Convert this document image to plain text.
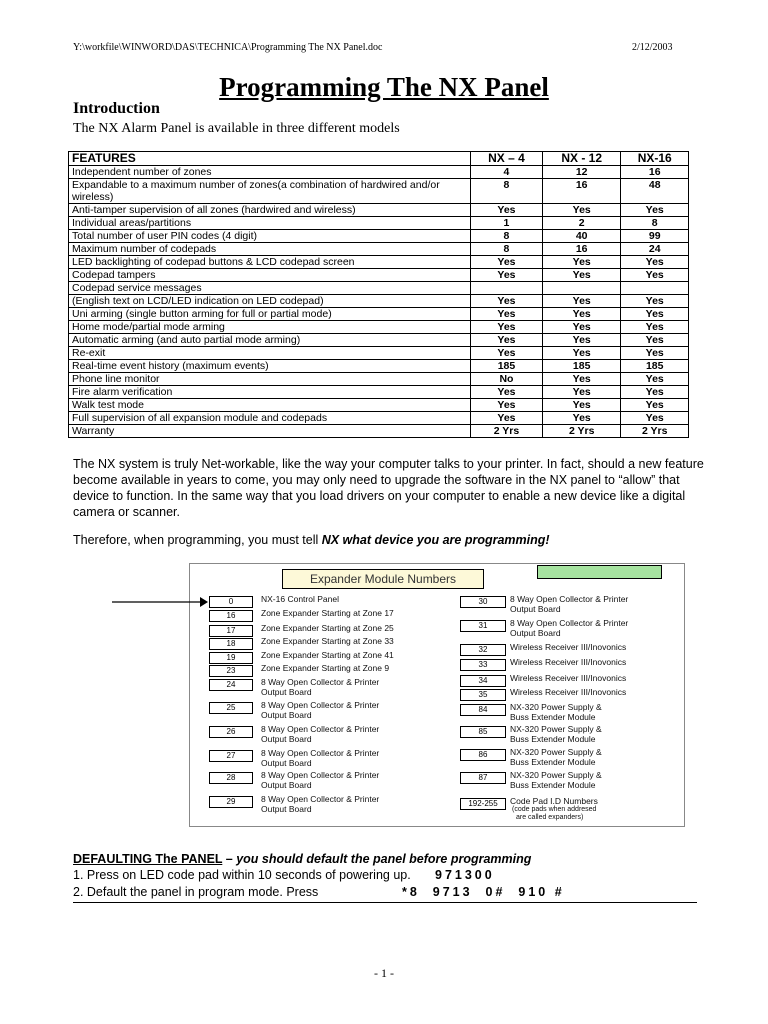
Y:\workfile\WINWORD\DAS\TECHNICA\Programming The NX Panel.doc	2/12/2003
Programming The NX Panel
Introduction
The NX Alarm Panel is available in three different models
FEATURES	NX – 4	NX - 12	NX-16
Independent number of zones	4	12	16
Expandable to a maximum number of zones(a combination of hardwired and/or wireless)	8	16	48
Anti-tamper supervision of all zones (hardwired and wireless)	Yes	Yes	Yes
Individual areas/partitions	1	2	8
Total number of user PIN codes (4 digit)	8	40	99
Maximum number of codepads	8	16	24
LED backlighting of codepad buttons & LCD codepad screen	Yes	Yes	Yes
Codepad tampers	Yes	Yes	Yes
Codepad service messages			
(English text on LCD/LED indication on LED codepad)	Yes	Yes	Yes
Uni arming (single button arming for full or partial mode)	Yes	Yes	Yes
Home mode/partial mode arming	Yes	Yes	Yes
Automatic arming (and auto partial mode arming)	Yes	Yes	Yes
Re-exit	Yes	Yes	Yes
Real-time event history (maximum events)	185	185	185
Phone line monitor	No	Yes	Yes
Fire alarm verification	Yes	Yes	Yes
Walk test mode	Yes	Yes	Yes
Full supervision of all expansion module and codepads	Yes	Yes	Yes
Warranty	2 Yrs	2 Yrs	2 Yrs
The NX system is truly Net-workable, like the way your computer talks to your printer. In fact, should a new feature become available in years to come, you may only need to upgrade the software in the NX panel to “allow” that device to function. In the same way that you load drivers on your computer to enable a new device like a digital camera or scanner.
Therefore, when programming, you must tell NX what device you are programming!
Expander Module Numbers
0	NX-16 Control Panel
16	Zone Expander Starting at Zone 17
17	Zone Expander Starting at Zone 25
18	Zone Expander Starting at Zone 33
19	Zone Expander Starting at Zone 41
23	Zone Expander Starting at Zone 9
24	8 Way Open Collector & Printer
Output Board
25	8 Way Open Collector & Printer
Output Board
26	8 Way Open Collector & Printer
Output Board
27	8 Way Open Collector & Printer
Output Board
28	8 Way Open Collector & Printer
Output Board
29	8 Way Open Collector & Printer
Output Board
30	8 Way Open Collector & Printer
Output Board
31	8 Way Open Collector & Printer
Output Board
32	Wireless Receiver III/Inovonics
33	Wireless Receiver III/Inovonics
34	Wireless Receiver III/Inovonics
35	Wireless Receiver III/Inovonics
84	NX-320 Power Supply &
Buss Extender Module
85	NX-320 Power Supply &
Buss Extender Module
86	NX-320 Power Supply &
Buss Extender Module
87	NX-320 Power Supply &
Buss Extender Module
192-255	Code Pad I.D Numbers
(code pads when addresed
are called expanders)
DEFAULTING The PANEL – you should default the panel before programming
1. Press on LED code pad within 10 seconds of powering up. 971300
2. Default the panel in program mode. Press	*8  9713  0#  910 #
- 1 -
